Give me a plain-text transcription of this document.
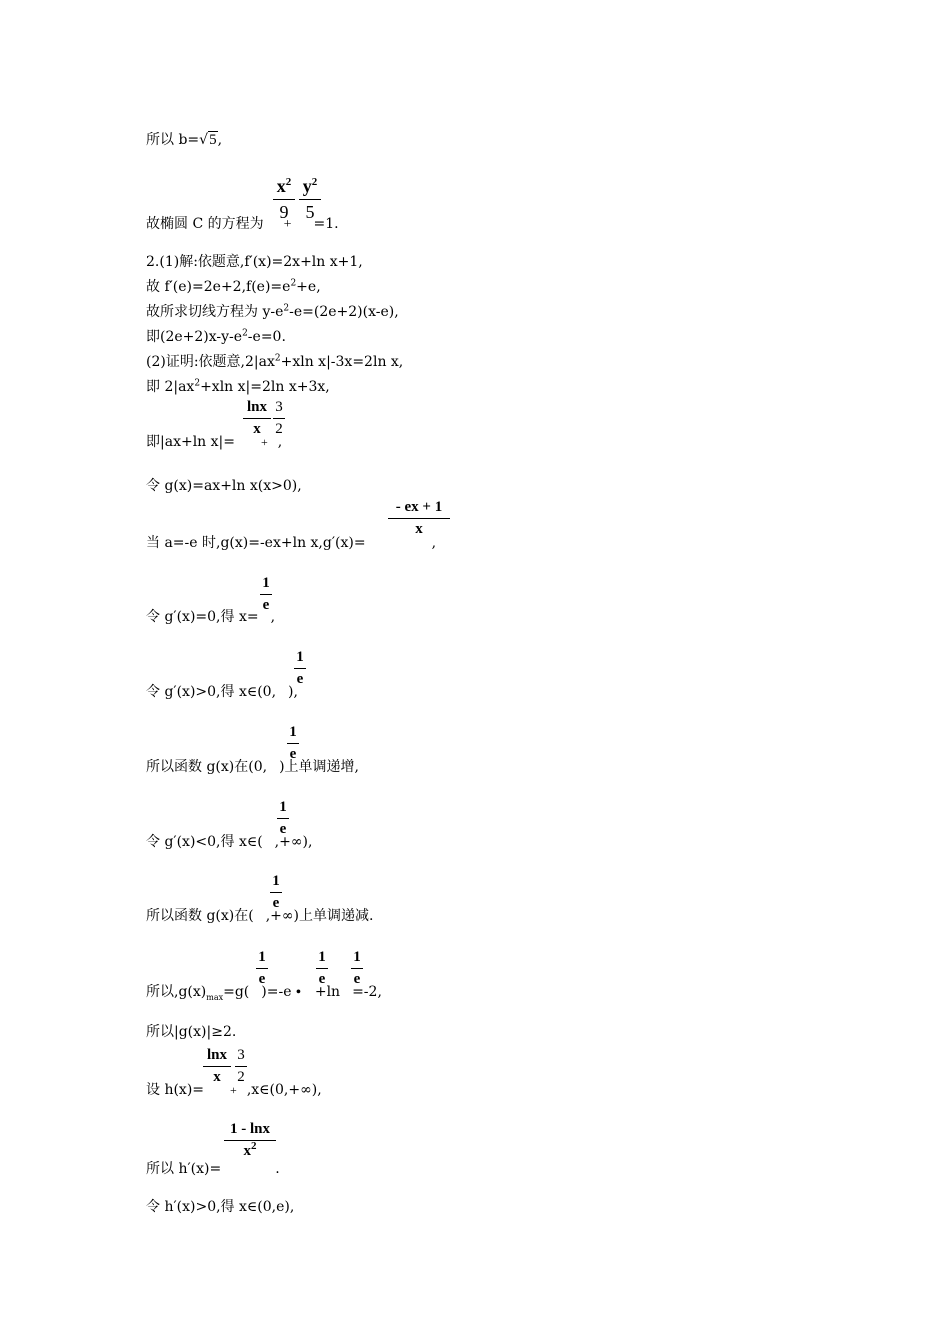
所以 b=√5,
$x^2$
9
$y^2$
5
故椭圆 C 的方程为 + =1.
2.(1)解:依题意,f′(x)=2x+ln x+1,
故 $f'(e)=2e+2,f(e)=e^2+e$,
故所求切线方程为 $y-e^2-e=(2e+2)(x-e)$,
即$(2e+2)x-y-e^2-e=0$.
(2)证明:依题意$,2|ax^2+xln$ x|-3x=2ln x,
即 $2|ax^2+xln$ x|=2ln x+3x,
lnx
x
3
2
即|ax+ln x|= + ,
令 g(x)=ax+ln x(x>0),
- ex + 1
x
当 a=-e 时,g(x)=-ex+ln x,g′(x)=	,
1
e
令 g′(x)=0,得 x= ,
1
e
令 g′(x)>0,得 x∈(0, ),
1
e
所以函数 g(x)在(0, )上单调递增,
1
e
令 g′(x)<0,得 x∈( ,+∞),
1
e
所以函数 g(x)在( ,+∞)上单调递减.
1
e
1
e
1
e
所以$,g(x)_{max}=g$( )=-e • +ln =-2,
所以|g(x)|≥2.
lnx
x
3
2
设 h(x)= + ,x∈(0,+∞),
1 - lnx
$x^2$
所以 h′(x)=	.
令 h′(x)>0,得 x∈(0,e),
